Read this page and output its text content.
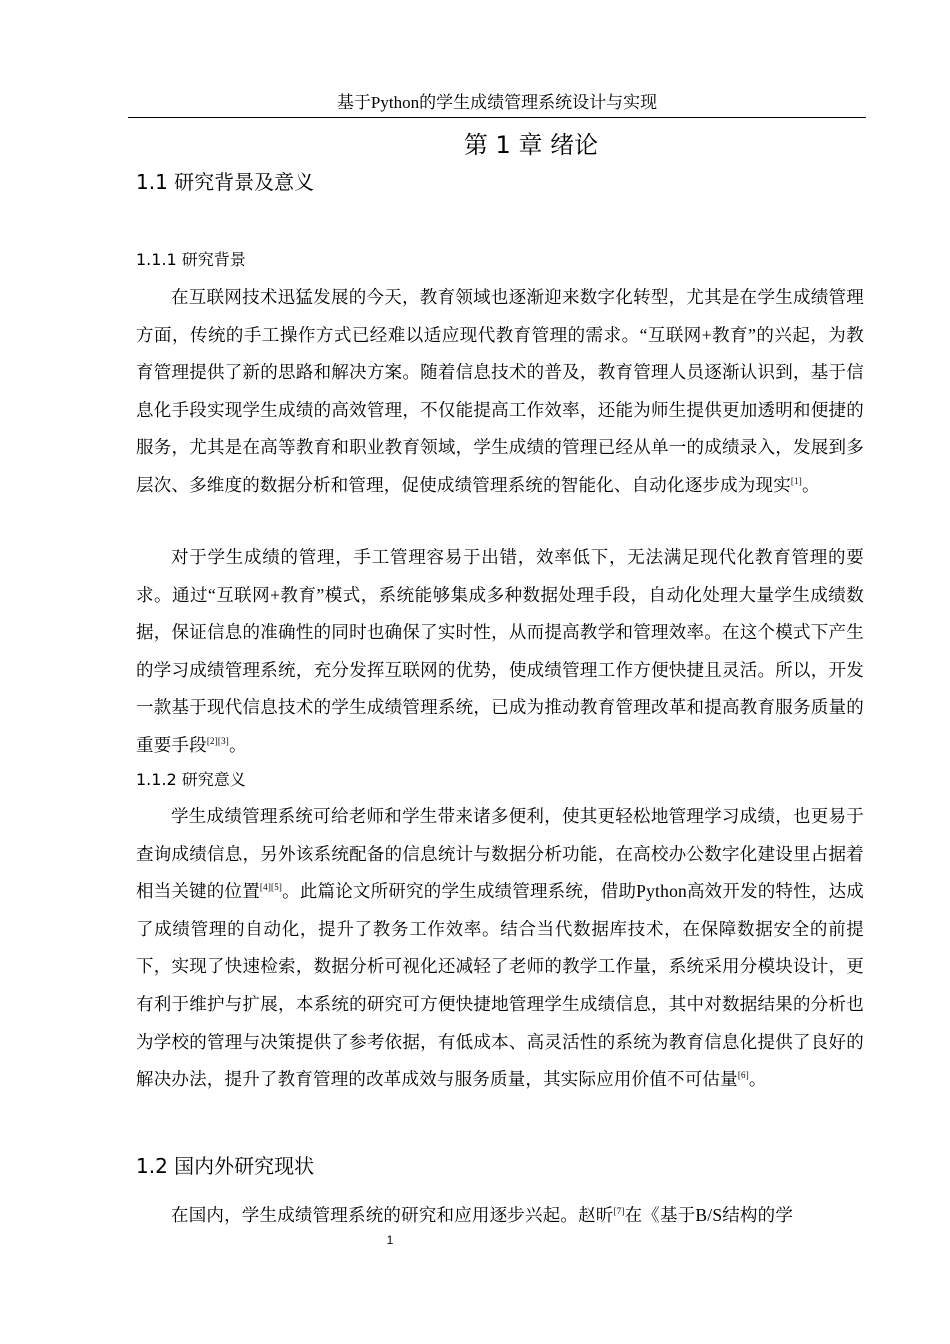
基于Python的学生成绩管理系统设计与实现
第 1 章 绪论
1.1 研究背景及意义
1.1.1 研究背景

在互联网技术迅猛发展的今天，教育领域也逐渐迎来数字化转型，尤其是在学生成绩管理方面，传统的手工操作方式已经难以适应现代教育管理的需求。“互联网+教育”的兴起，为教育管理提供了新的思路和解决方案。随着信息技术的普及，教育管理人员逐渐认识到，基于信息化手段实现学生成绩的高效管理，不仅能提高工作效率，还能为师生提供更加透明和便捷的服务，尤其是在高等教育和职业教育领域，学生成绩的管理已经从单一的成绩录入，发展到多层次、多维度的数据分析和管理，促使成绩管理系统的智能化、自动化逐步成为现实[1]。

对于学生成绩的管理，手工管理容易于出错，效率低下，无法满足现代化教育管理的要求。通过“互联网+教育”模式，系统能够集成多种数据处理手段，自动化处理大量学生成绩数据，保证信息的准确性的同时也确保了实时性，从而提高教学和管理效率。在这个模式下产生的学习成绩管理系统，充分发挥互联网的优势，使成绩管理工作方便快捷且灵活。所以，开发一款基于现代信息技术的学生成绩管理系统，已成为推动教育管理改革和提高教育服务质量的重要手段[2][3]。

1.1.2 研究意义

学生成绩管理系统可给老师和学生带来诸多便利，使其更轻松地管理学习成绩，也更易于查询成绩信息，另外该系统配备的信息统计与数据分析功能，在高校办公数字化建设里占据着相当关键的位置[4][5]。此篇论文所研究的学生成绩管理系统，借助Python高效开发的特性，达成了成绩管理的自动化，提升了教务工作效率。结合当代数据库技术，在保障数据安全的前提下，实现了快速检索，数据分析可视化还减轻了老师的教学工作量，系统采用分模块设计，更有利于维护与扩展，本系统的研究可方便快捷地管理学生成绩信息，其中对数据结果的分析也为学校的管理与决策提供了参考依据，有低成本、高灵活性的系统为教育信息化提供了良好的解决办法，提升了教育管理的改革成效与服务质量，其实际应用价值不可估量[6]。

1.2 国内外研究现状

在国内，学生成绩管理系统的研究和应用逐步兴起。赵昕[7]在《基于B/S结构的学

1
